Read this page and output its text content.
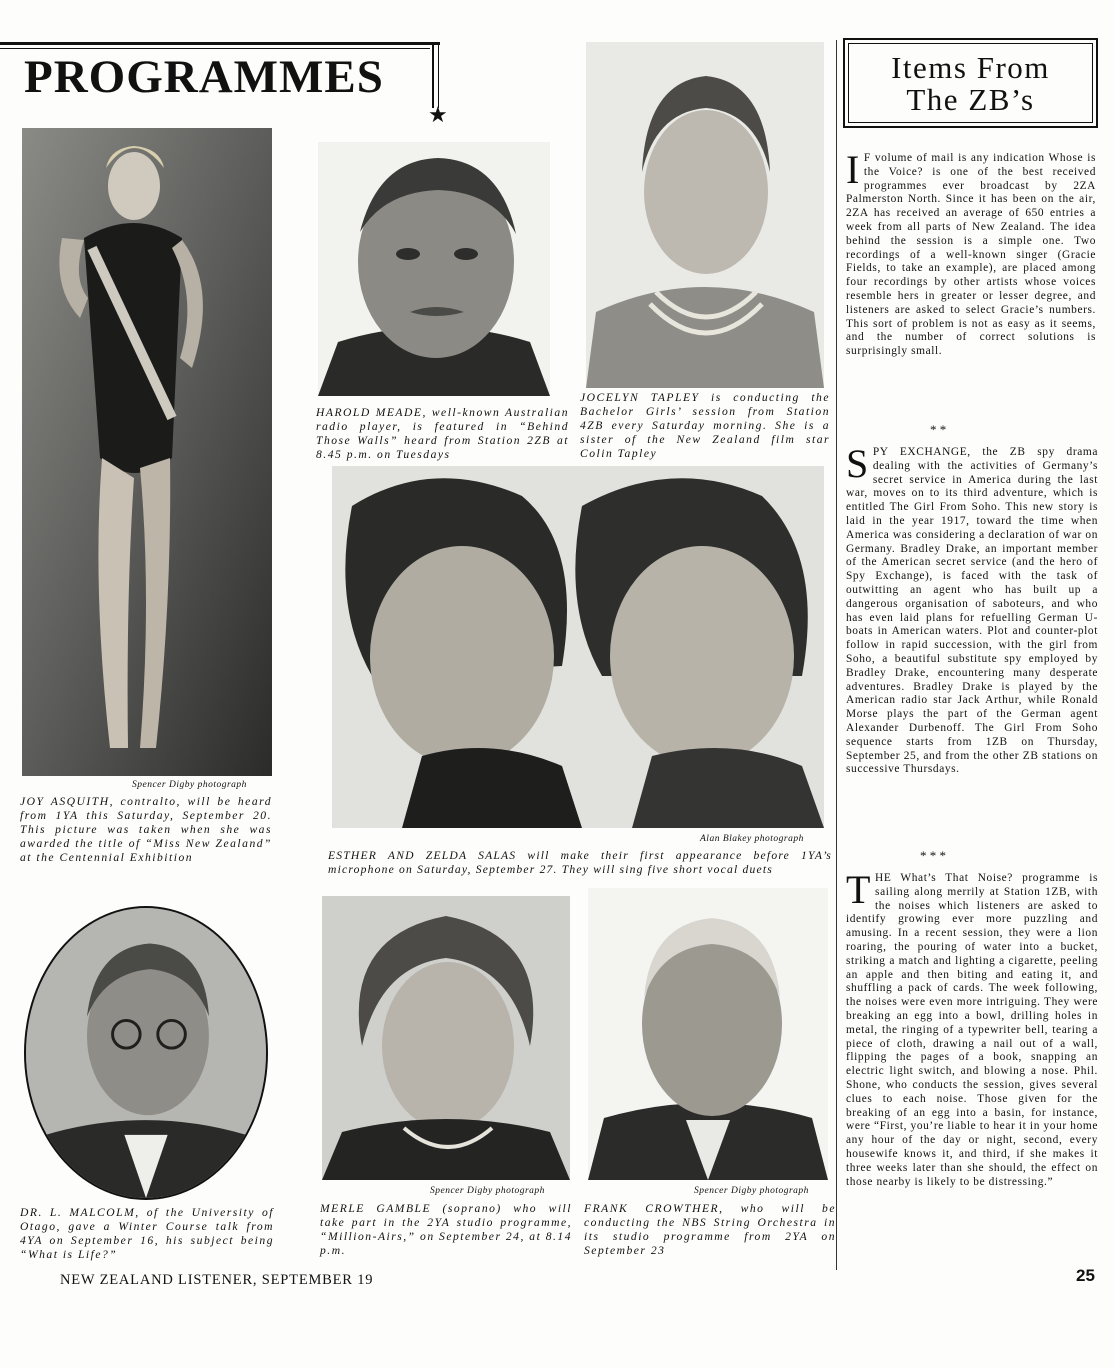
PROGRAMMES
★
Spencer Digby photograph
JOY ASQUITH, contralto, will be heard from 1YA this Saturday, September 20. This picture was taken when she was awarded the title of “Miss New Zealand” at the Centennial Exhibition
HAROLD MEADE, well-known Australian radio player, is featured in “Behind Those Walls” heard from Station 2ZB at 8.45 p.m. on Tuesdays
JOCELYN TAPLEY is conducting the Bachelor Girls’ session from Station 4ZB every Saturday morning. She is a sister of the New Zealand film star Colin Tapley
Alan Blakey photograph
ESTHER AND ZELDA SALAS will make their first appearance before 1YA’s microphone on Saturday, September 27. They will sing five short vocal duets
DR. L. MALCOLM, of the University of Otago, gave a Winter Course talk from 4YA on September 16, his subject being “What is Life?”
Spencer Digby photograph
MERLE GAMBLE (soprano) who will take part in the 2YA studio programme, “Million-Airs,” on September 24, at 8.14 p.m.
Spencer Digby photograph
FRANK CROWTHER, who will be conducting the NBS String Orchestra in its studio programme from 2YA on September 23
Items From
The ZB’s
I F volume of mail is any indication Whose is the Voice? is one of the best received programmes ever broadcast by 2ZA Palmerston North. Since it has been on the air, 2ZA has received an average of 650 entries a week from all parts of New Zealand. The idea behind the session is a simple one. Two recordings of a well-known singer (Gracie Fields, to take an example), are placed among four recordings by other artists whose voices resemble hers in greater or lesser degree, and listeners are asked to select Gracie’s numbers. This sort of problem is not as easy as it seems, and the number of correct solutions is surprisingly small.
* *
SPY EXCHANGE, the ZB spy drama dealing with the activities of Germany’s secret service in America during the last war, moves on to its third adventure, which is entitled The Girl From Soho. This new story is laid in the year 1917, toward the time when America was considering a declaration of war on Germany. Bradley Drake, an important member of the American secret service (and the hero of Spy Exchange), is faced with the task of outwitting an agent who has built up a dangerous organisation of saboteurs, and who has even laid plans for refuelling German U-boats in American waters. Plot and counter-plot follow in rapid succession, with the girl from Soho, a beautiful substitute spy employed by Bradley Drake, encountering many desperate adventures. Bradley Drake is played by the American radio star Jack Arthur, while Ronald Morse plays the part of the German agent Alexander Durbenoff. The Girl From Soho sequence starts from 1ZB on Thursday, September 25, and from the other ZB stations on successive Thursdays.
* * *
THE What’s That Noise? programme is sailing along merrily at Station 1ZB, with the noises which listeners are asked to identify growing ever more puzzling and amusing. In a recent session, they were a lion roaring, the pouring of water into a bucket, striking a match and lighting a cigarette, peeling an apple and then biting and eating it, and shuffling a pack of cards. The week following, the noises were even more intriguing. They were breaking an egg into a bowl, drilling holes in metal, the ringing of a typewriter bell, tearing a piece of cloth, drawing a nail out of a wall, flipping the pages of a book, snapping an electric light switch, and blowing a nose. Phil. Shone, who conducts the session, gives several clues to each noise. Those given for the breaking of an egg into a basin, for instance, were “First, you’re liable to hear it in your home any hour of the day or night, second, every housewife knows it, and third, if she makes it three weeks later than she should, the effect on those nearby is likely to be distressing.”
NEW ZEALAND LISTENER, SEPTEMBER 19	25
